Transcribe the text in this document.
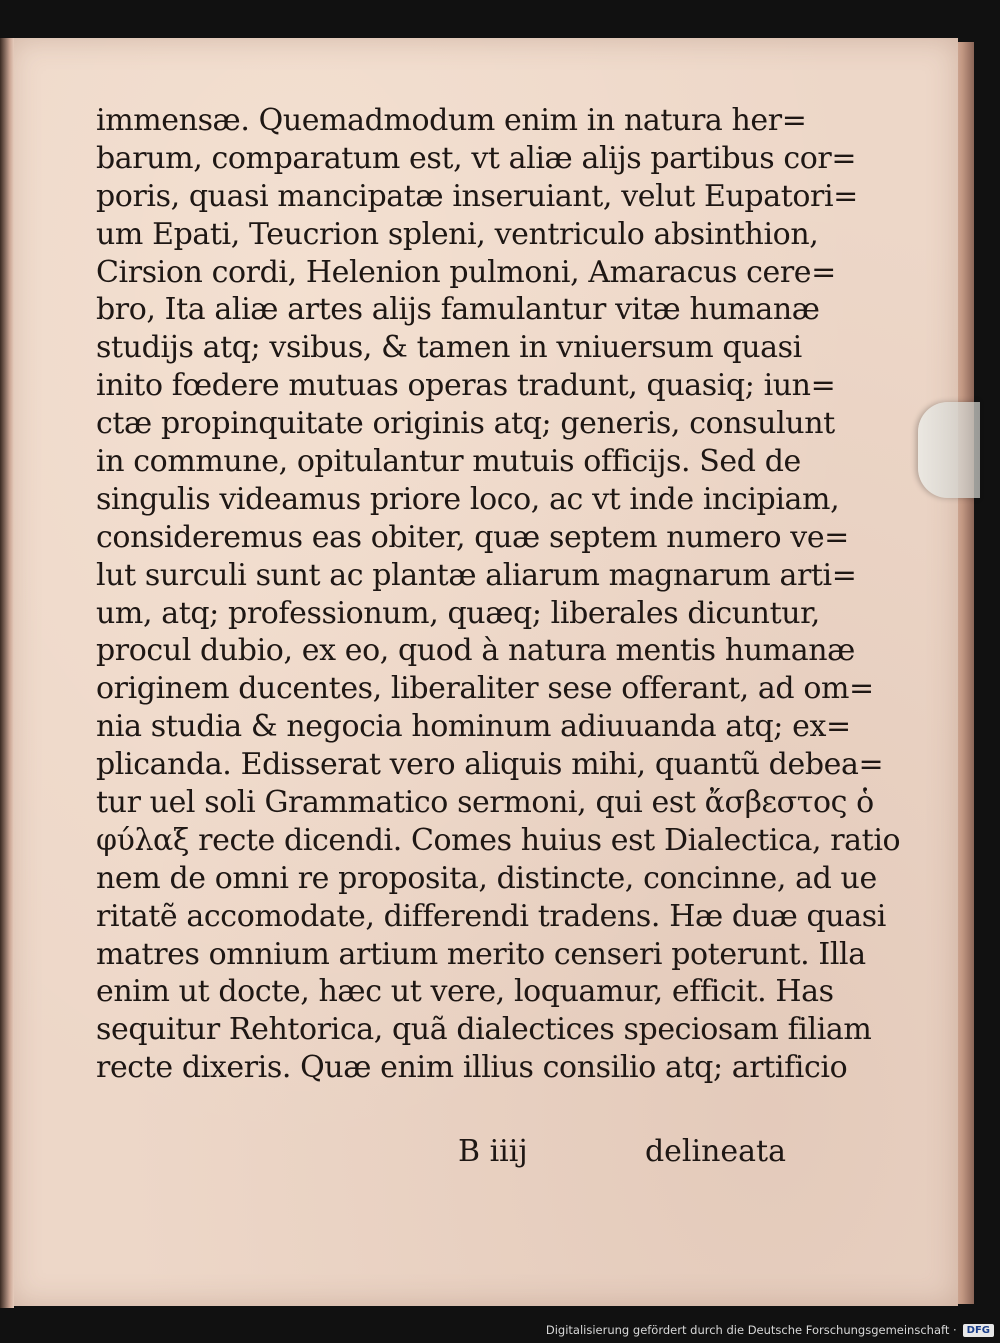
immensæ. Quemadmodum enim in natura her=
barum, comparatum est, vt aliæ alijs partibus cor=
poris, quasi mancipatæ inseruiant, velut Eupatori=
um Epati, Teucrion spleni, ventriculo absinthion,
Cirsion cordi, Helenion pulmoni, Amaracus cere=
bro, Ita aliæ artes alijs famulantur vitæ humanæ
studijs atq; vsibus, & tamen in vniuersum quasi
inito fœdere mutuas operas tradunt, quasiq; iun=
ctæ propinquitate originis atq; generis, consulunt
in commune, opitulantur mutuis officijs. Sed de
singulis videamus priore loco, ac vt inde incipiam,
consideremus eas obiter, quæ septem numero ve=
lut surculi sunt ac plantæ aliarum magnarum arti=
um, atq; professionum, quæq; liberales dicuntur,
procul dubio, ex eo, quod à natura mentis humanæ
originem ducentes, liberaliter sese offerant, ad om=
nia studia & negocia hominum adiuuanda atq; ex=
plicanda. Edisserat vero aliquis mihi, quantũ debea=
tur uel soli Grammatico sermoni, qui est ἄσβεστος ὁ
φύλαξ recte dicendi. Comes huius est Dialectica, ratio
nem de omni re proposita, distincte, concinne, ad ue
ritatẽ accomodate, differendi tradens. Hæ duæ quasi
matres omnium artium merito censeri poterunt. Illa
enim ut docte, hæc ut vere, loquamur, efficit. Has
sequitur Rehtorica, quã dialectices speciosam filiam
recte dixeris. Quæ enim illius consilio atq; artificio
B iiij	delineata
Digitalisierung gefördert durch die Deutsche Forschungsgemeinschaft ·	DFG
